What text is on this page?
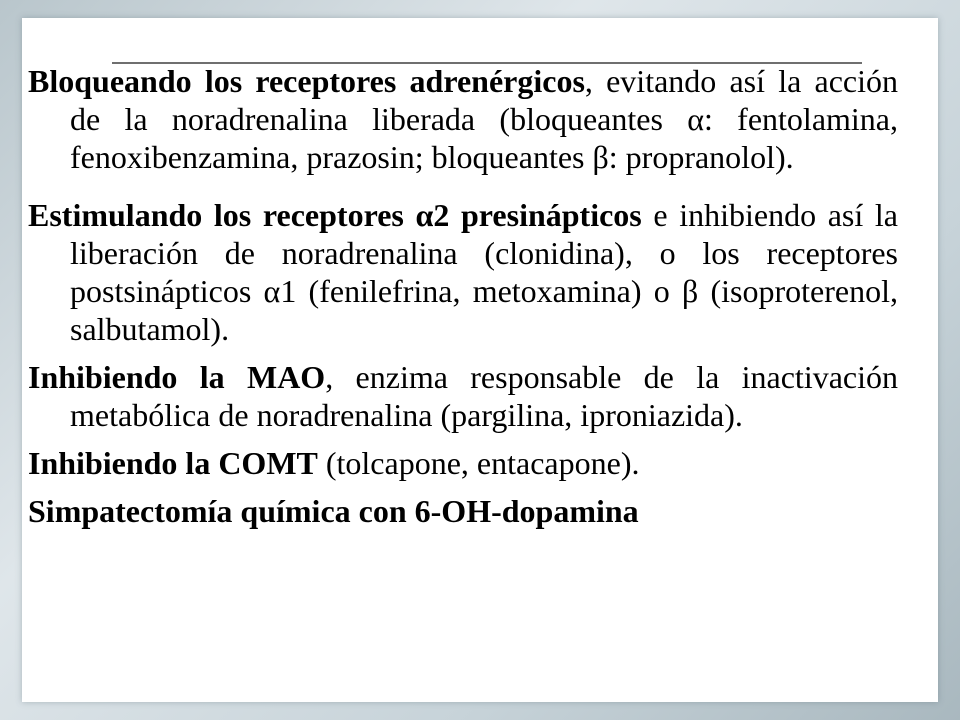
Bloqueando los receptores adrenérgicos, evitando así la acción de la noradrenalina liberada (bloqueantes α: fentolamina, fenoxibenzamina, prazosin; bloqueantes β: propranolol).

Estimulando los receptores α2 presinápticos e inhibiendo así la liberación de noradrenalina (clonidina), o los receptores postsinápticos α1 (fenilefrina, metoxamina) o β (isoproterenol, salbutamol).

Inhibiendo la MAO, enzima responsable de la inactivación metabólica de noradrenalina (pargilina, iproniazida).

Inhibiendo la COMT (tolcapone, entacapone).

Simpatectomía química con 6-OH-dopamina
